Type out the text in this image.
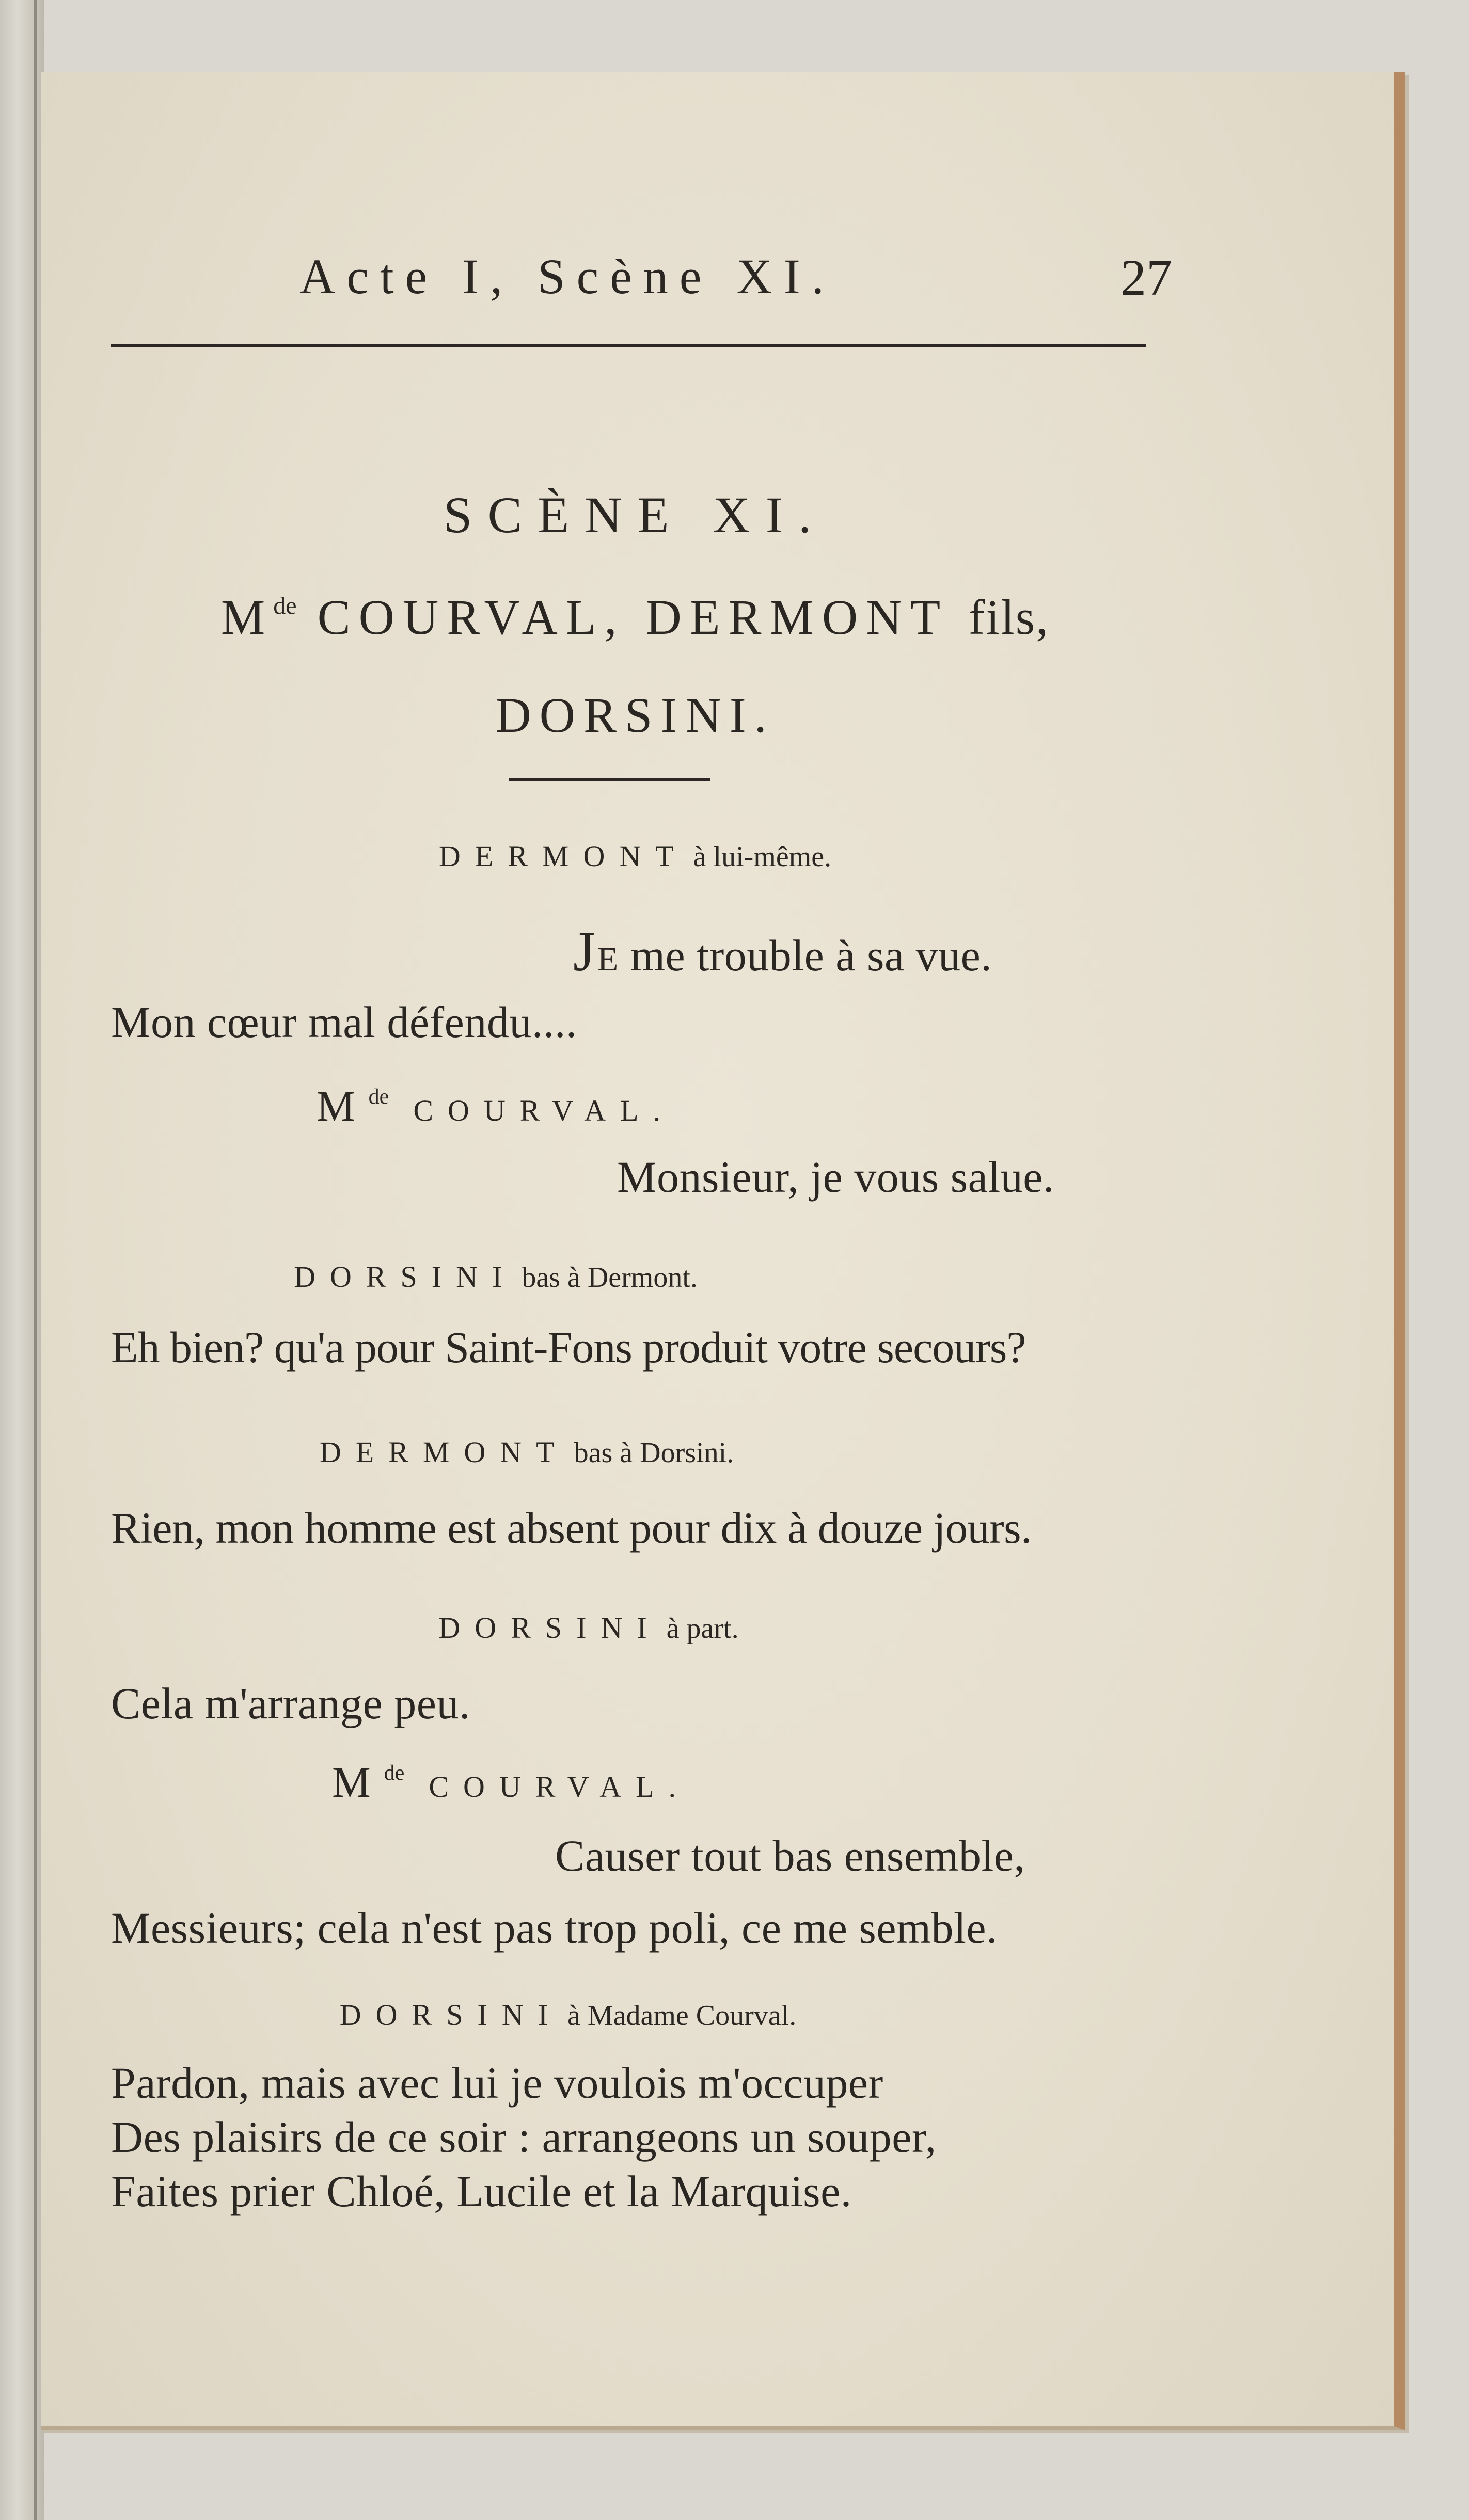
Acte I, Scène XI.	27
SCÈNE XI.
Mde COURVAL, DERMONT fils,
DORSINI.
DERMONT à lui-même.
JE me trouble à sa vue.
Mon cœur mal défendu....
Mde COURVAL.
Monsieur, je vous salue.
DORSINI bas à Dermont.
Eh bien? qu'a pour Saint-Fons produit votre secours?
DERMONT bas à Dorsini.
Rien, mon homme est absent pour dix à douze jours.
DORSINI à part.
Cela m'arrange peu.
Mde COURVAL.
Causer tout bas ensemble,
Messieurs; cela n'est pas trop poli, ce me semble.
DORSINI à Madame Courval.
Pardon, mais avec lui je voulois m'occuper
Des plaisirs de ce soir : arrangeons un souper,
Faites prier Chloé, Lucile et la Marquise.
